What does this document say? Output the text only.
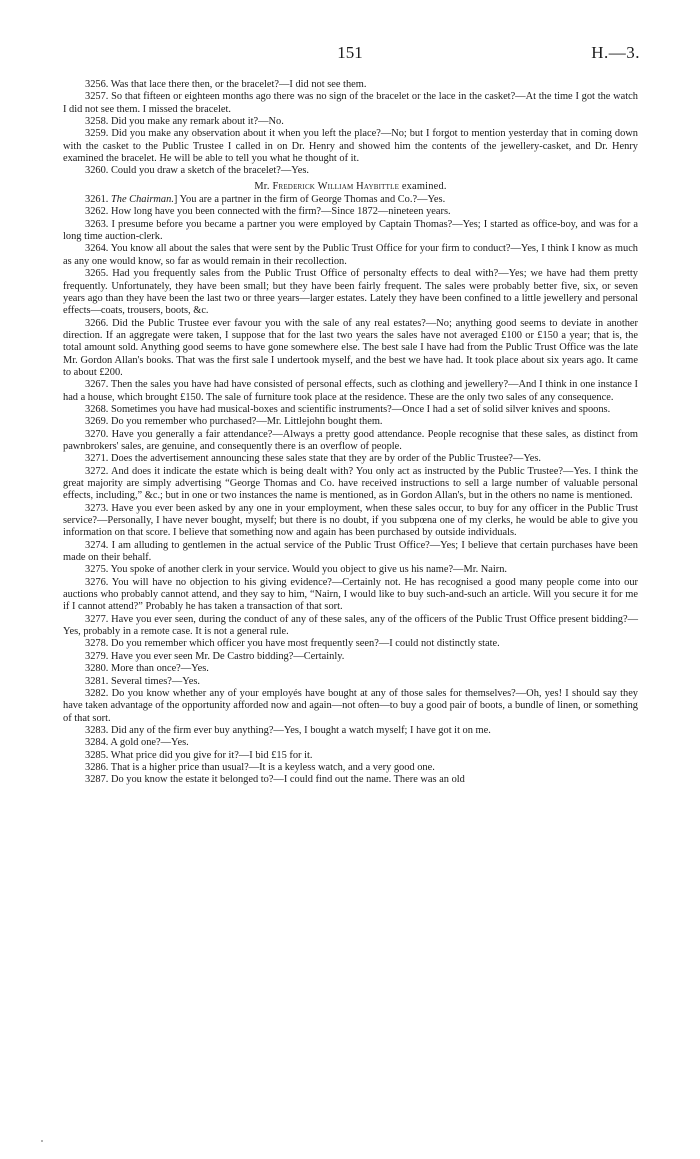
151	H.—3.

3256. Was that lace there then, or the bracelet?—I did not see them.

3257. So that fifteen or eighteen months ago there was no sign of the bracelet or the lace in the casket?—At the time I got the watch I did not see them. I missed the bracelet.

3258. Did you make any remark about it?—No.

3259. Did you make any observation about it when you left the place?—No; but I forgot to mention yesterday that in coming down with the casket to the Public Trustee I called in on Dr. Henry and showed him the contents of the jewellery-casket, and Dr. Henry examined the bracelet. He will be able to tell you what he thought of it.

3260. Could you draw a sketch of the bracelet?—Yes.

Mr. Frederick William Haybittle examined.

3261. The Chairman.] You are a partner in the firm of George Thomas and Co.?—Yes.

3262. How long have you been connected with the firm?—Since 1872—nineteen years.

3263. I presume before you became a partner you were employed by Captain Thomas?—Yes; I started as office-boy, and was for a long time auction-clerk.

3264. You know all about the sales that were sent by the Public Trust Office for your firm to conduct?—Yes, I think I know as much as any one would know, so far as would remain in their recollection.

3265. Had you frequently sales from the Public Trust Office of personalty effects to deal with?—Yes; we have had them pretty frequently. Unfortunately, they have been small; but they have been fairly frequent. The sales were probably better five, six, or seven years ago than they have been the last two or three years—larger estates. Lately they have been confined to a little jewellery and personal effects—coats, trousers, boots, &c.

3266. Did the Public Trustee ever favour you with the sale of any real estates?—No; anything good seems to deviate in another direction. If an aggregate were taken, I suppose that for the last two years the sales have not averaged £100 or £150 a year; that is, the total amount sold. Anything good seems to have gone somewhere else. The best sale I have had from the Public Trust Office was the late Mr. Gordon Allan's books. That was the first sale I undertook myself, and the best we have had. It took place about six years ago. It came to about £200.

3267. Then the sales you have had have consisted of personal effects, such as clothing and jewellery?—And I think in one instance I had a house, which brought £150. The sale of furniture took place at the residence. These are the only two sales of any consequence.

3268. Sometimes you have had musical-boxes and scientific instruments?—Once I had a set of solid silver knives and spoons.

3269. Do you remember who purchased?—Mr. Littlejohn bought them.

3270. Have you generally a fair attendance?—Always a pretty good attendance. People recognise that these sales, as distinct from pawnbrokers' sales, are genuine, and consequently there is an overflow of people.

3271. Does the advertisement announcing these sales state that they are by order of the Public Trustee?—Yes.

3272. And does it indicate the estate which is being dealt with? You only act as instructed by the Public Trustee?—Yes. I think the great majority are simply advertising “George Thomas and Co. have received instructions to sell a large number of valuable personal effects, including,” &c.; but in one or two instances the name is mentioned, as in Gordon Allan's, but in the others no name is mentioned.

3273. Have you ever been asked by any one in your employment, when these sales occur, to buy for any officer in the Public Trust service?—Personally, I have never bought, myself; but there is no doubt, if you subpœna one of my clerks, he would be able to give you information on that score. I believe that something now and again has been purchased by outside individuals.

3274. I am alluding to gentlemen in the actual service of the Public Trust Office?—Yes; I believe that certain purchases have been made on their behalf.

3275. You spoke of another clerk in your service. Would you object to give us his name?—Mr. Nairn.

3276. You will have no objection to his giving evidence?—Certainly not. He has recognised a good many people come into our auctions who probably cannot attend, and they say to him, “Nairn, I would like to buy such-and-such an article. Will you secure it for me if I cannot attend?” Probably he has taken a transaction of that sort.

3277. Have you ever seen, during the conduct of any of these sales, any of the officers of the Public Trust Office present bidding?—Yes, probably in a remote case. It is not a general rule.

3278. Do you remember which officer you have most frequently seen?—I could not distinctly state.

3279. Have you ever seen Mr. De Castro bidding?—Certainly.

3280. More than once?—Yes.

3281. Several times?—Yes.

3282. Do you know whether any of your employés have bought at any of those sales for themselves?—Oh, yes! I should say they have taken advantage of the opportunity afforded now and again—not often—to buy a good pair of boots, a bundle of linen, or something of that sort.

3283. Did any of the firm ever buy anything?—Yes, I bought a watch myself; I have got it on me.

3284. A gold one?—Yes.

3285. What price did you give for it?—I bid £15 for it.

3286. That is a higher price than usual?—It is a keyless watch, and a very good one.

3287. Do you know the estate it belonged to?—I could find out the name. There was an old
